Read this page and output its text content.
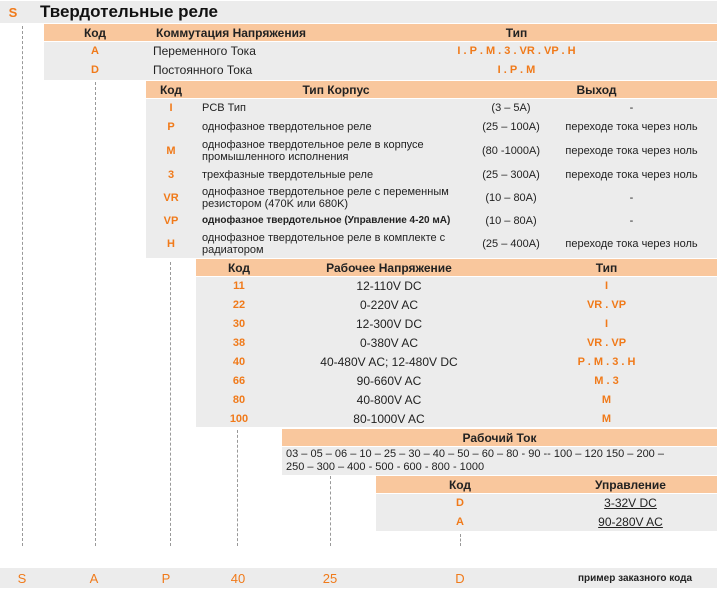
S Твердотельные реле
Код	Коммутация Напряжения	Тип
A	Переменного Тока	I . P . M . 3 . VR . VP . H
D	Постоянного Тока	I . P . M
Код	Тип Корпус	Выход
I	PCB Тип	(3 – 5A)	-
P	однофазное твердотельное реле	(25 – 100A)	переходе тока через ноль
M	однофазное твердотельное реле в корпусе промышленного исполнения	(80 -1000A)	переходе тока через ноль
3	трехфазные твердотельные реле	(25 – 300A)	переходе тока через ноль
VR	однофазное твердотельное реле с переменным резистором (470K или 680K)	(10 – 80A)	-
VP	однофазное твердотельное (Управление 4-20 мА)	(10 – 80A)	-
H	однофазное твердотельное реле в комплекте с радиатором	(25 – 400A)	переходе тока через ноль
Код	Рабочее Напряжение	Тип
11	12-110V DC	I
22	0-220V AC	VR . VP
30	12-300V DC	I
38	0-380V AC	VR . VP
40	40-480V AC; 12-480V DC	P . M . 3 . H
66	90-660V AC	M . 3
80	40-800V AC	M
100	80-1000V AC	M
Рабочий Ток
03 – 05 – 06 – 10 – 25 – 30 – 40 – 50 – 60 – 80 - 90 -- 100 – 120 150 – 200 –
250 – 300 – 400 - 500 - 600 - 800 - 1000
Код	Управление
D	3-32V DC
A	90-280V AC
S	A	P	40	25	D	пример заказного кода
